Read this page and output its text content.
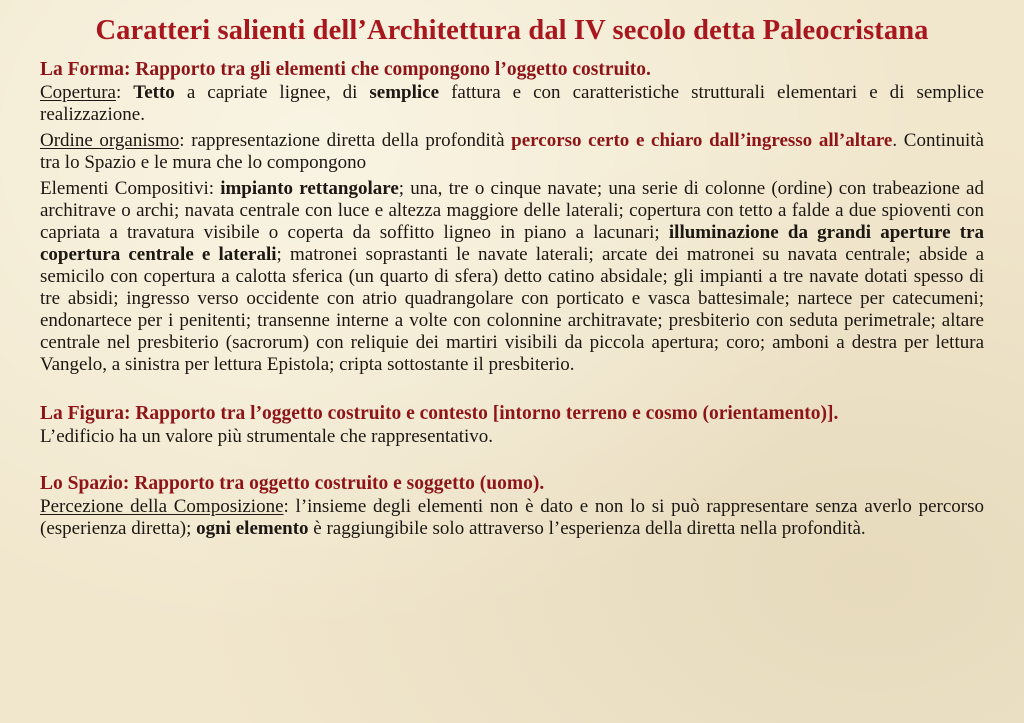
Caratteri salienti dell’Architettura dal IV secolo detta Paleocristana

La Forma: Rapporto tra gli elementi che compongono l’oggetto costruito.

Copertura: Tetto a capriate lignee, di semplice fattura e con caratteristiche strutturali elementari e di semplice realizzazione.

Ordine organismo: rappresentazione diretta della profondità percorso certo e chiaro dall’ingresso all’altare. Continuità tra lo Spazio e le mura che lo compongono

Elementi Compositivi: impianto rettangolare; una, tre o cinque navate; una serie di colonne (ordine) con trabeazione ad architrave o archi; navata centrale con luce e altezza maggiore delle laterali; copertura con tetto a falde a due spioventi con capriata a travatura visibile o coperta da soffitto ligneo in piano a lacunari; illuminazione da grandi aperture tra copertura centrale e laterali; matronei soprastanti le navate laterali; arcate dei matronei su navata centrale; abside a semicilo con copertura a calotta sferica (un quarto di sfera) detto catino absidale; gli impianti a tre navate dotati spesso di tre absidi; ingresso verso occidente con atrio quadrangolare con porticato e vasca battesimale; nartece per catecumeni; endonartece per i penitenti; transenne interne a volte con colonnine architravate; presbiterio con seduta perimetrale; altare centrale nel presbiterio (sacrorum) con reliquie dei martiri visibili da piccola apertura; coro; amboni a destra per lettura Vangelo, a sinistra per lettura Epistola; cripta sottostante il presbiterio.

La Figura: Rapporto tra l’oggetto costruito e contesto [intorno terreno e cosmo (orientamento)].

L’edificio ha un valore più strumentale che rappresentativo.

Lo Spazio: Rapporto tra oggetto costruito e soggetto (uomo).

Percezione della Composizione: l’insieme degli elementi non è dato e non lo si può rappresentare senza averlo percorso (esperienza diretta); ogni elemento è raggiungibile solo attraverso l’esperienza della diretta nella profondità.
